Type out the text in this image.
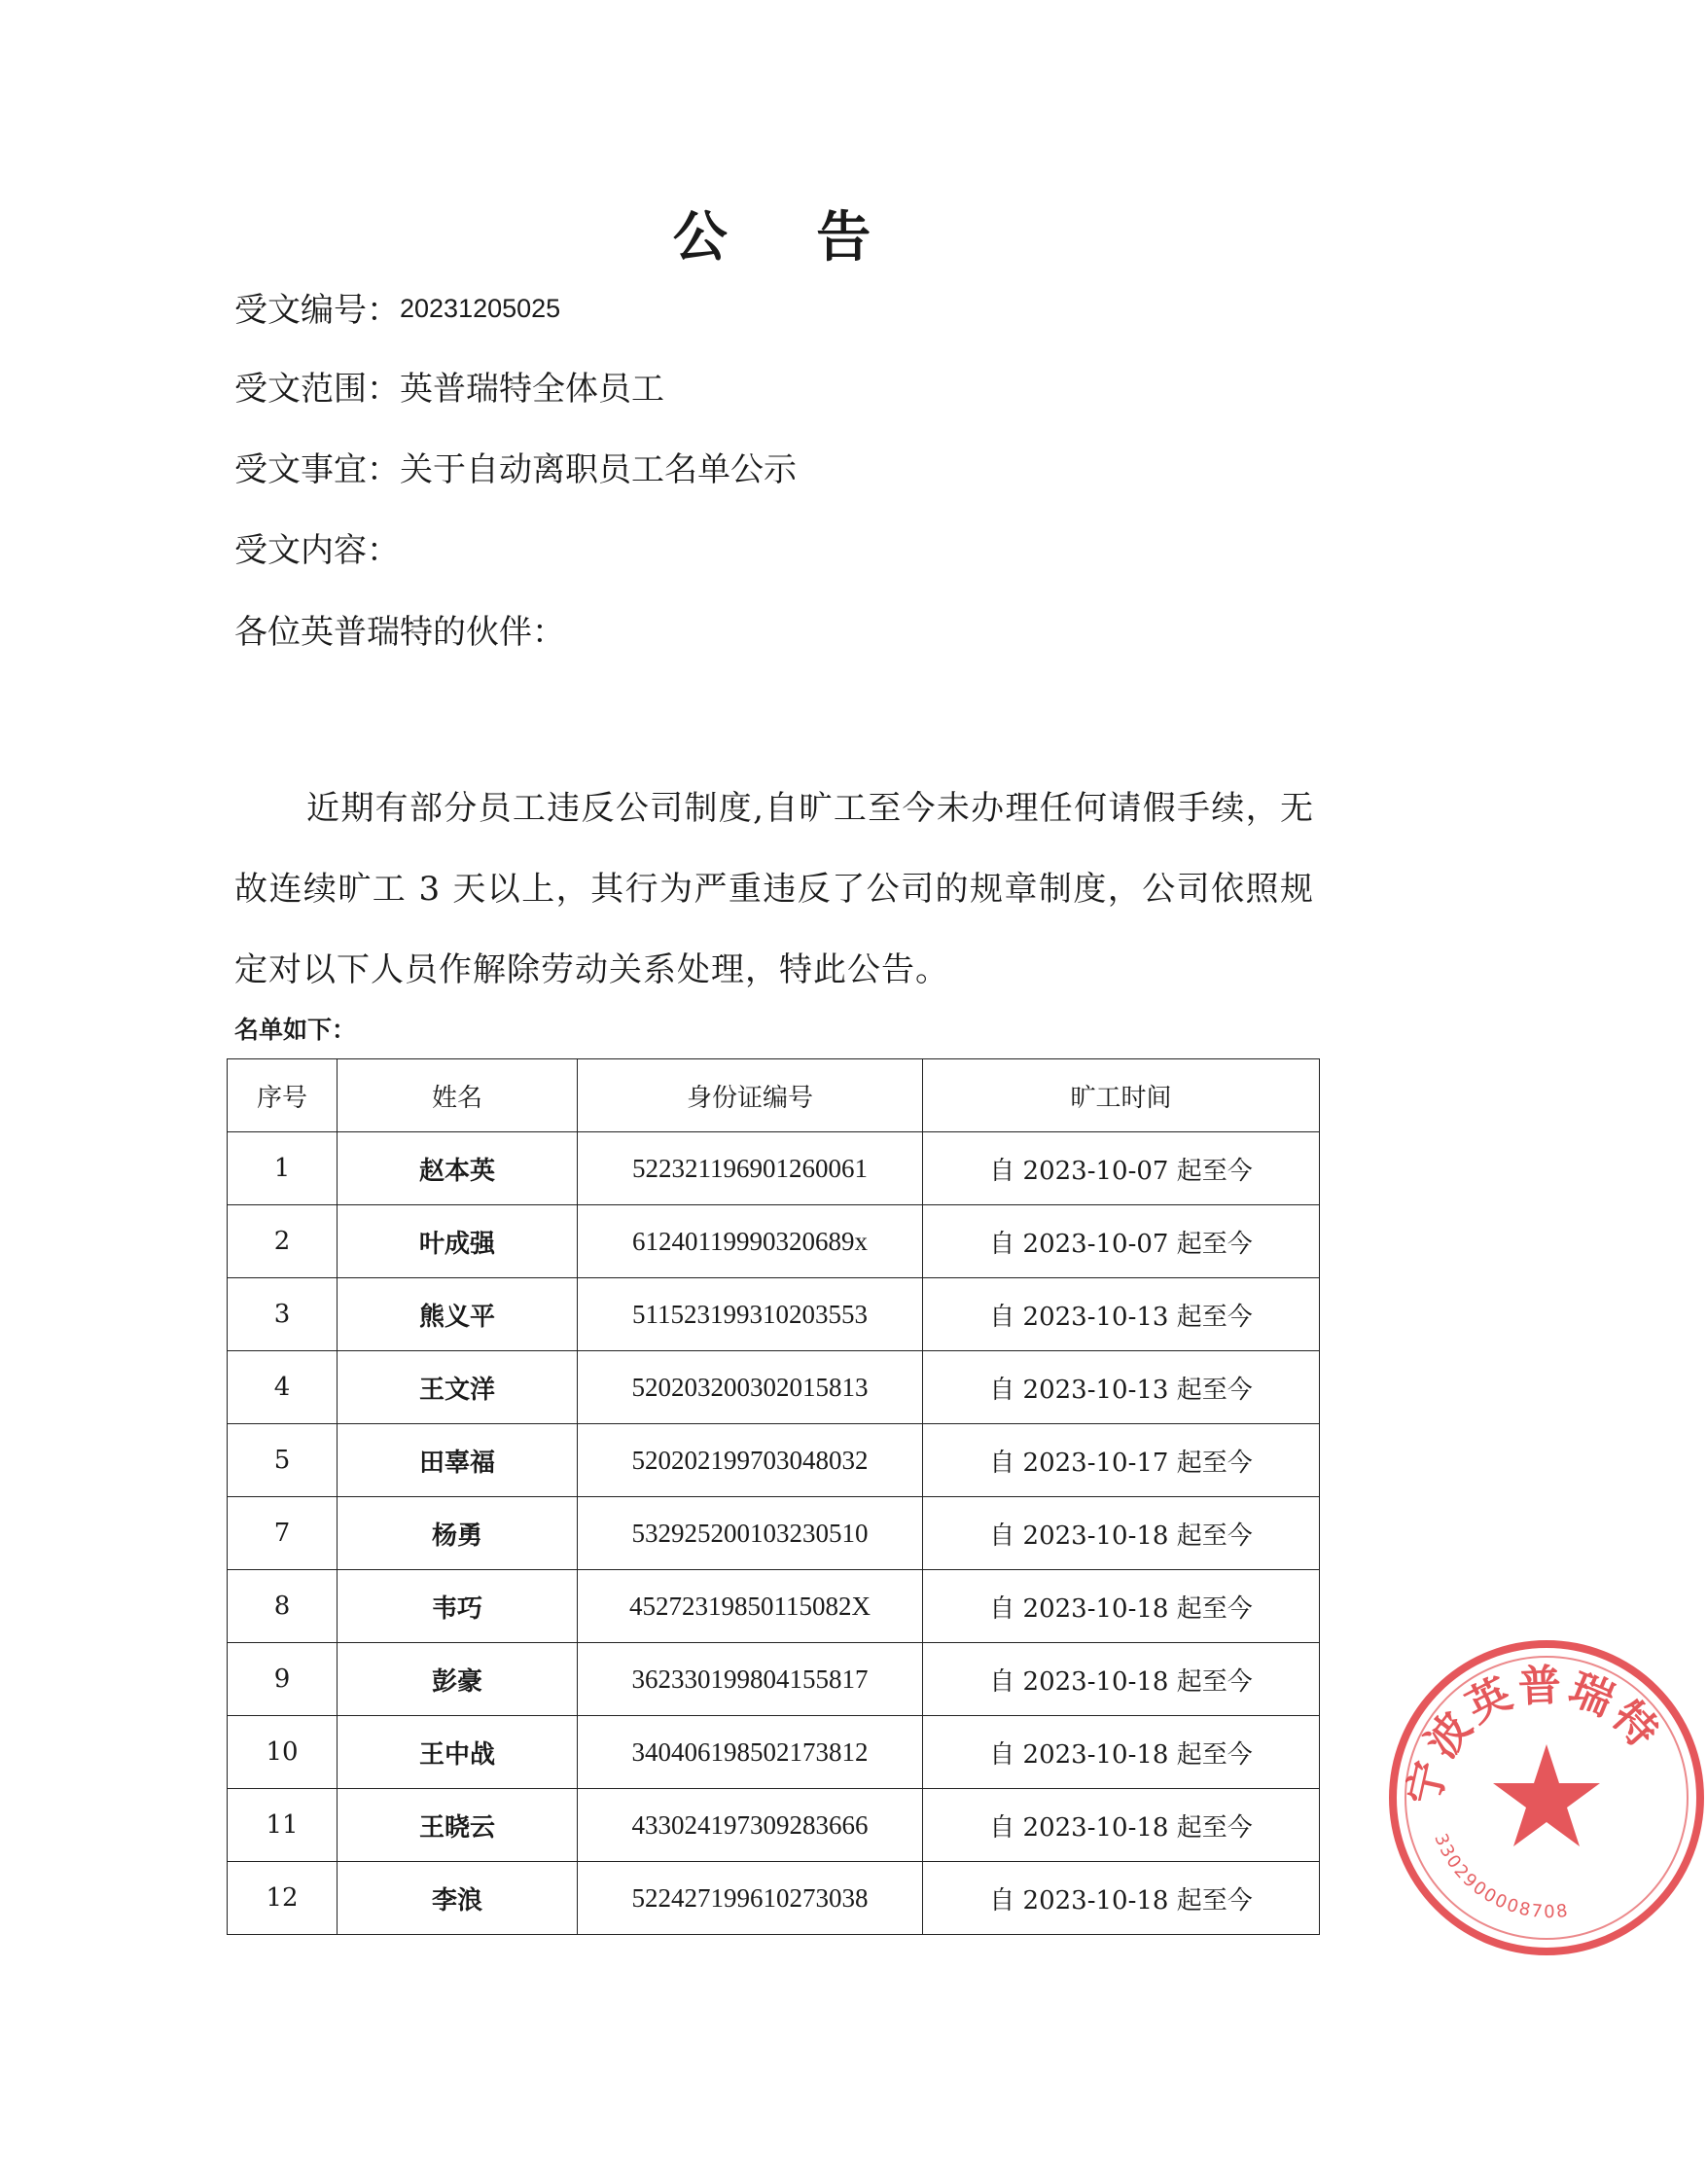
公 告
受文编号：20231205025
受文范围：英普瑞特全体员工
受文事宜：关于自动离职员工名单公示
受文内容：
各位英普瑞特的伙伴：
近期有部分员工违反公司制度,自旷工至今未办理任何请假手续，无故连续旷工 3 天以上，其行为严重违反了公司的规章制度，公司依照规定对以下人员作解除劳动关系处理，特此公告。
名单如下：
序号	姓名	身份证编号	旷工时间
1	赵本英	522321196901260061	自 2023-10-07 起至今
2	叶成强	61240119990320689x	自 2023-10-07 起至今
3	熊义平	511523199310203553	自 2023-10-13 起至今
4	王文洋	520203200302015813	自 2023-10-13 起至今
5	田辜福	520202199703048032	自 2023-10-17 起至今
7	杨勇	532925200103230510	自 2023-10-18 起至今
8	韦巧	45272319850115082X	自 2023-10-18 起至今
9	彭豪	362330199804155817	自 2023-10-18 起至今
10	王中战	340406198502173812	自 2023-10-18 起至今
11	王晓云	433024197309283666	自 2023-10-18 起至今
12	李浪	522427199610273038	自 2023-10-18 起至今
宁波英普瑞特
3302900008708
